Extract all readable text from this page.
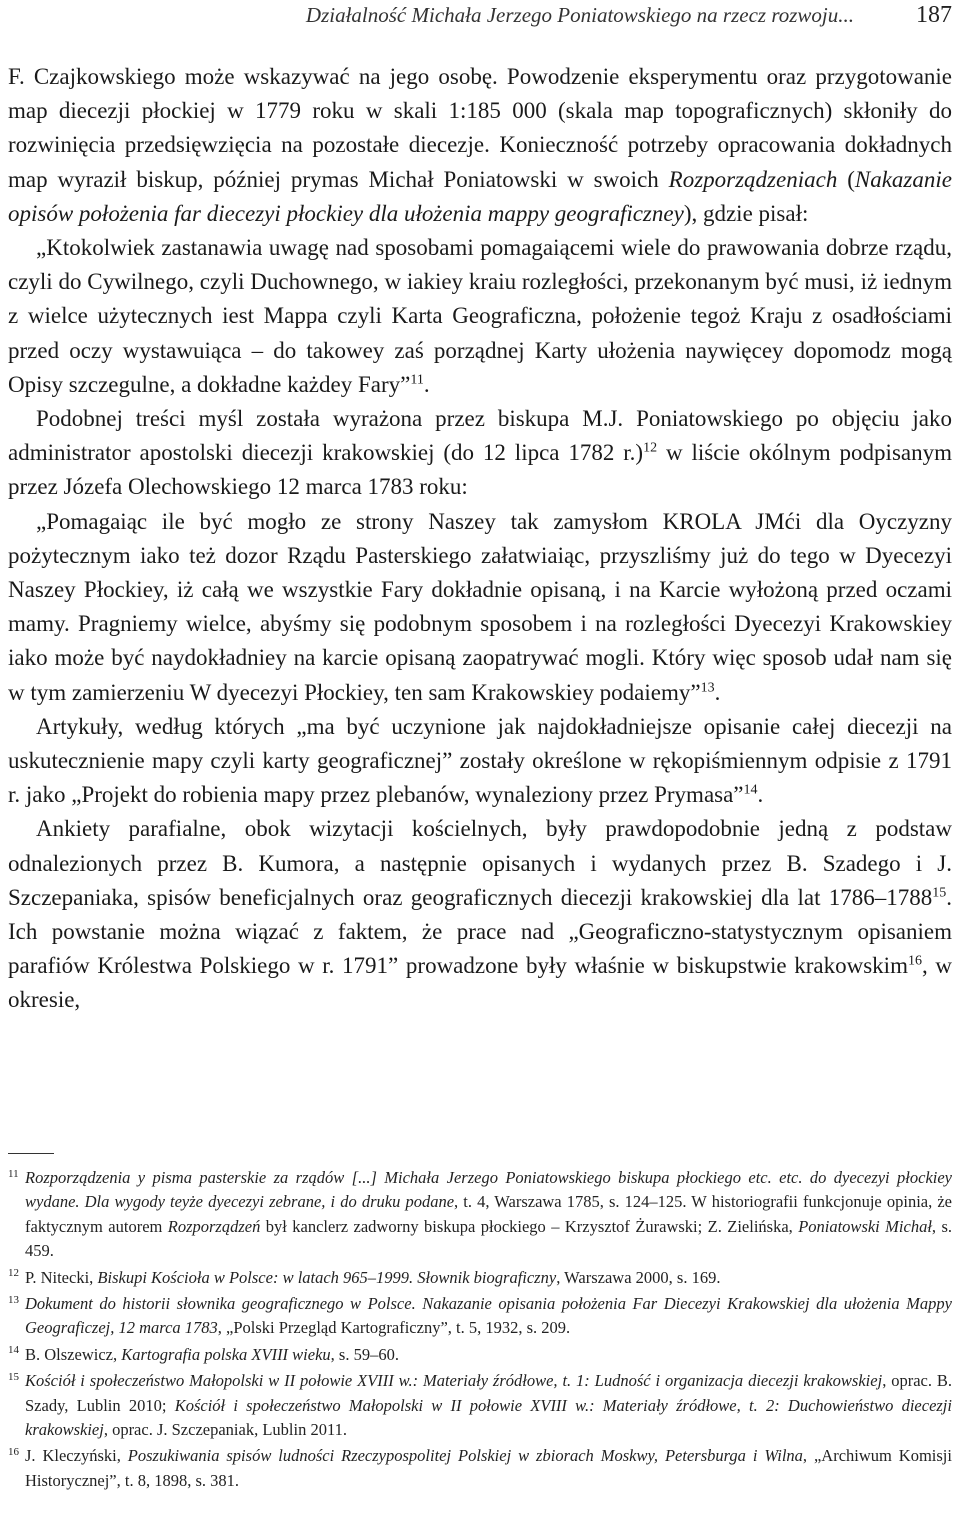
Działalność Michała Jerzego Poniatowskiego na rzecz rozwoju...	187

F. Czajkowskiego może wskazywać na jego osobę. Powodzenie eksperymentu oraz przygotowanie map diecezji płockiej w 1779 roku w skali 1:185 000 (skala map topograficznych) skłoniły do rozwinięcia przedsięwzięcia na pozostałe diecezje. Konieczność potrzeby opracowania dokładnych map wyraził biskup, później prymas Michał Poniatowski w swoich Rozporządzeniach (Nakazanie opisów położenia far diecezyi płockiey dla ułożenia mappy geograficzney), gdzie pisał:

„Ktokolwiek zastanawia uwagę nad sposobami pomagaiącemi wiele do prawowania dobrze rządu, czyli do Cywilnego, czyli Duchownego, w iakiey kraiu rozległości, przekonanym być musi, iż iednym z wielce użytecznych iest Mappa czyli Karta Geograficzna, położenie tegoż Kraju z osadłościami przed oczy wystawuiąca – do takowey zaś porządnej Karty ułożenia naywięcey dopomodz mogą Opisy szczegulne, a dokładne każdey Fary”$^{11}$.

Podobnej treści myśl została wyrażona przez biskupa M.J. Poniatowskiego po objęciu jako administrator apostolski diecezji krakowskiej (do 12 lipca 1782 r.)$^{12}$ w liście okólnym podpisanym przez Józefa Olechowskiego 12 marca 1783 roku:

„Pomagaiąc ile być mogło ze strony Naszey tak zamysłom KROLA JMći dla Oyczyzny pożytecznym iako też dozor Rządu Pasterskiego załatwiaiąc, przyszliśmy już do tego w Dyecezyi Naszey Płockiey, iż całą we wszystkie Fary dokładnie opisaną, i na Karcie wyłożoną przed oczami mamy. Pragniemy wielce, abyśmy się podobnym sposobem i na rozległości Dyecezyi Krakowskiey iako może być naydokładniey na karcie opisaną zaopatrywać mogli. Który więc sposob udał nam się w tym zamierzeniu W dyecezyi Płockiey, ten sam Krakowskiey podaiemy”$^{13}$.

Artykuły, według których „ma być uczynione jak najdokładniejsze opisanie całej diecezji na uskutecznienie mapy czyli karty geograficznej” zostały określone w rękopiśmiennym odpisie z 1791 r. jako „Projekt do robienia mapy przez plebanów, wynaleziony przez Prymasa”$^{14}$.

Ankiety parafialne, obok wizytacji kościelnych, były prawdopodobnie jedną z podstaw odnalezionych przez B. Kumora, a następnie opisanych i wydanych przez B. Szadego i J. Szczepaniaka, spisów beneficjalnych oraz geograficznych diecezji krakowskiej dla lat 1786–1788$^{15}$. Ich powstanie można wiązać z faktem, że prace nad „Geograficzno-statystycznym opisaniem parafiów Królestwa Polskiego w r. 1791” prowadzone były właśnie w biskupstwie krakowskim$^{16}$, w okresie,

$^{11}$ Rozporządzenia y pisma pasterskie za rządów [...] Michała Jerzego Poniatowskiego biskupa płockiego etc. etc. do dyecezyi płockiey wydane. Dla wygody teyże dyecezyi zebrane, i do druku podane, t. 4, Warszawa 1785, s. 124–125. W historiografii funkcjonuje opinia, że faktycznym autorem Rozporządzeń był kanclerz zadworny biskupa płockiego – Krzysztof Żurawski; Z. Zielińska, Poniatowski Michał, s. 459.

$^{12}$ P. Nitecki, Biskupi Kościoła w Polsce: w latach 965–1999. Słownik biograficzny, Warszawa 2000, s. 169.

$^{13}$ Dokument do historii słownika geograficznego w Polsce. Nakazanie opisania położenia Far Diecezyi Krakowskiej dla ułożenia Mappy Geograficzej, 12 marca 1783, „Polski Przegląd Kartograficzny”, t. 5, 1932, s. 209.

$^{14}$ B. Olszewicz, Kartografia polska XVIII wieku, s. 59–60.

$^{15}$ Kościół i społeczeństwo Małopolski w II połowie XVIII w.: Materiały źródłowe, t. 1: Ludność i organizacja diecezji krakowskiej, oprac. B. Szady, Lublin 2010; Kościół i społeczeństwo Małopolski w II połowie XVIII w.: Materiały źródłowe, t. 2: Duchowieństwo diecezji krakowskiej, oprac. J. Szczepaniak, Lublin 2011.

$^{16}$ J. Kleczyński, Poszukiwania spisów ludności Rzeczypospolitej Polskiej w zbiorach Moskwy, Petersburga i Wilna, „Archiwum Komisji Historycznej”, t. 8, 1898, s. 381.
